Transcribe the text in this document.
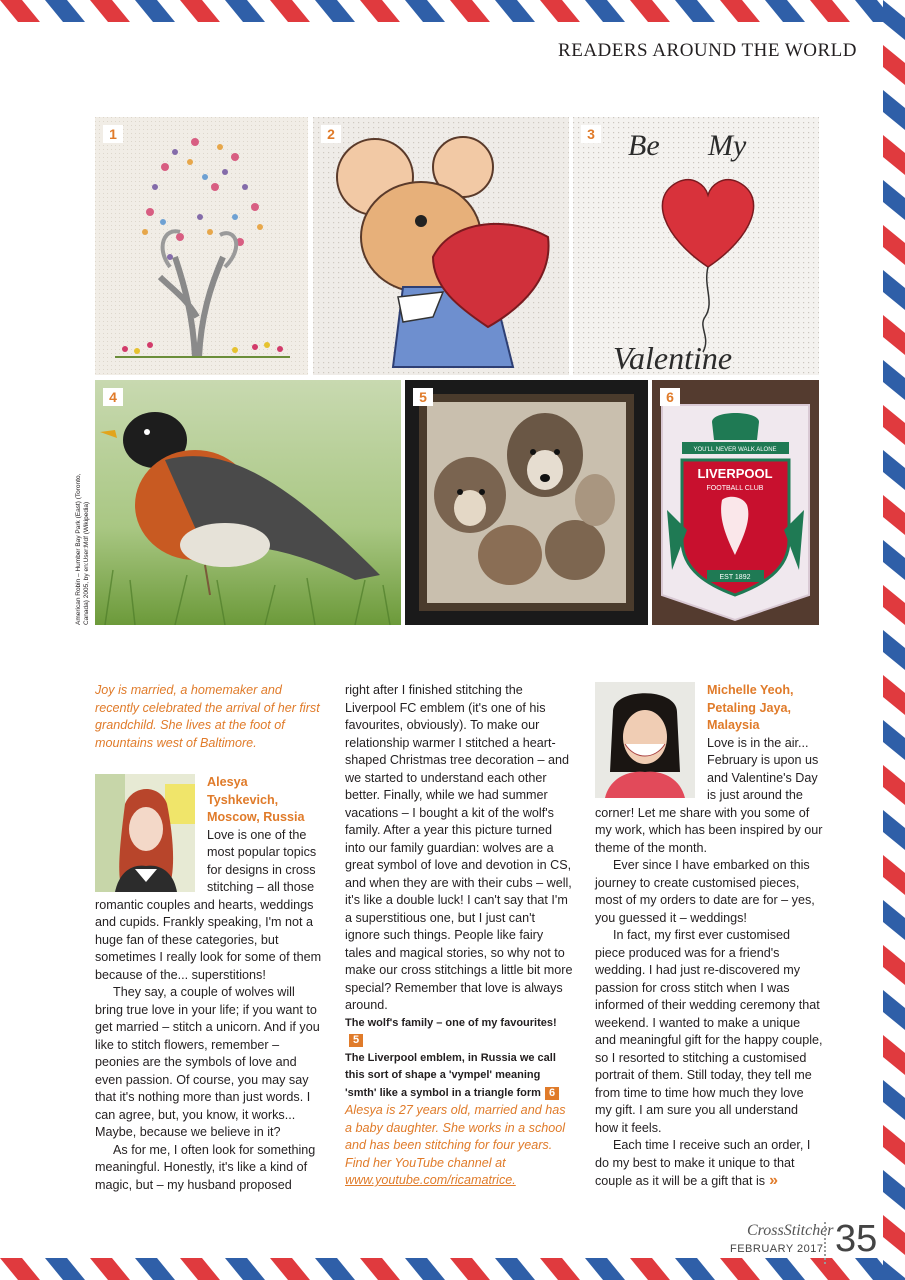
READERS AROUND THE WORLD
1	2	Be My
Valentine
3
4	5
YOU'LL NEVER WALK ALONE
LIVERPOOL
FOOTBALL CLUB
EST 1892
6
American Robin – Humber Bay Park (East) (Toronto, Canada) 2005, by en:User:Mdf (Wikipedia)

Joy is married, a homemaker and recently celebrated the arrival of her first grandchild. She lives at the foot of mountains west of Baltimore.

Alesya Tyshkevich,
Moscow, Russia

Love is one of the most popular topics for designs in cross stitching – all those romantic couples and hearts, weddings and cupids. Frankly speaking, I'm not a huge fan of these categories, but sometimes I really look for some of them because of the... superstitions!

They say, a couple of wolves will bring true love in your life; if you want to get married – stitch a unicorn. And if you like to stitch flowers, remember – peonies are the symbols of love and even passion. Of course, you may say that it's nothing more than just words. I can agree, but, you know, it works... Maybe, because we believe in it?

As for me, I often look for something meaningful. Honestly, it's like a kind of magic, but – my husband proposed

right after I finished stitching the Liverpool FC emblem (it's one of his favourites, obviously). To make our relationship warmer I stitched a heart-shaped Christmas tree decoration – and we started to understand each other better. Finally, while we had summer vacations – I bought a kit of the wolf's family. After a year this picture turned into our family guardian: wolves are a great symbol of love and devotion in CS, and when they are with their cubs – well, it's like a double luck! I can't say that I'm a superstitious one, but I just can't ignore such things. People like fairy tales and magical stories, so why not to make our cross stitchings a little bit more special? Remember that love is always around.

The wolf's family – one of my favourites!5

The Liverpool emblem, in Russia we call this sort of shape a 'vympel' meaning 'smth' like a symbol in a triangle form 6

Alesya is 27 years old, married and has a baby daughter. She works in a school and has been stitching for four years. Find her YouTube channel at www.youtube.com/ricamatrice.

Michelle Yeoh,
Petaling Jaya, Malaysia

Love is in the air... February is upon us and Valentine's Day is just around the corner! Let me share with you some of my work, which has been inspired by our theme of the month.

Ever since I have embarked on this journey to create customised pieces, most of my orders to date are for – yes, you guessed it – weddings!

In fact, my first ever customised piece produced was for a friend's wedding. I had just re-discovered my passion for cross stitch when I was informed of their wedding ceremony that weekend. I wanted to make a unique and meaningful gift for the happy couple, so I resorted to stitching a customised portrait of them. Still today, they tell me from time to time how much they love my gift. I am sure you all understand how it feels.

Each time I receive such an order, I do my best to make it unique to that couple as it will be a gift that is »

CrossStitcher
FEBRUARY 2017 35
